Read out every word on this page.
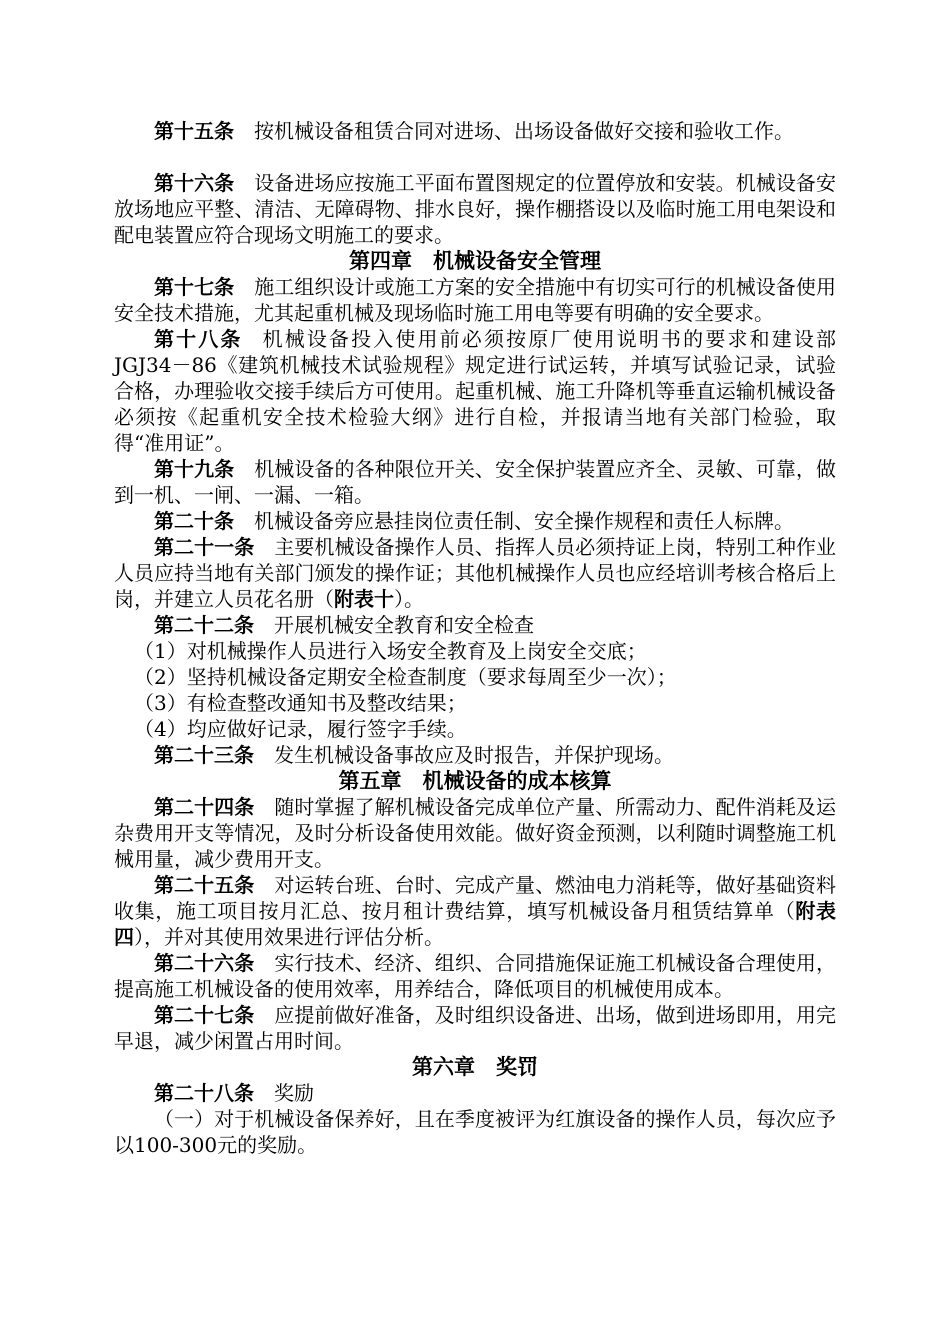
第十五条 按机械设备租赁合同对进场、出场设备做好交接和验收工作。

第十六条 设备进场应按施工平面布置图规定的位置停放和安装。机械设备安放场地应平整、清洁、无障碍物、排水良好，操作棚搭设以及临时施工用电架设和配电装置应符合现场文明施工的要求。

第四章　机械设备安全管理

第十七条 施工组织设计或施工方案的安全措施中有切实可行的机械设备使用安全技术措施，尤其起重机械及现场临时施工用电等要有明确的安全要求。

第十八条 机械设备投入使用前必须按原厂使用说明书的要求和建设部 JGJ34－86《建筑机械技术试验规程》规定进行试运转，并填写试验记录，试验合格，办理验收交接手续后方可使用。起重机械、施工升降机等垂直运输机械设备必须按《起重机安全技术检验大纲》进行自检，并报请当地有关部门检验，取得“准用证”。

第十九条 机械设备的各种限位开关、安全保护装置应齐全、灵敏、可靠，做到一机、一闸、一漏、一箱。

第二十条 机械设备旁应悬挂岗位责任制、安全操作规程和责任人标牌。

第二十一条 主要机械设备操作人员、指挥人员必须持证上岗，特别工种作业人员应持当地有关部门颁发的操作证；其他机械操作人员也应经培训考核合格后上岗，并建立人员花名册（附表十）。

第二十二条 开展机械安全教育和安全检查

（1）对机械操作人员进行入场安全教育及上岗安全交底；

（2）坚持机械设备定期安全检查制度（要求每周至少一次）；

（3）有检查整改通知书及整改结果；

（4）均应做好记录，履行签字手续。

第二十三条 发生机械设备事故应及时报告，并保护现场。

第五章　机械设备的成本核算

第二十四条 随时掌握了解机械设备完成单位产量、所需动力、配件消耗及运杂费用开支等情况，及时分析设备使用效能。做好资金预测，以利随时调整施工机械用量，减少费用开支。

第二十五条 对运转台班、台时、完成产量、燃油电力消耗等，做好基础资料收集，施工项目按月汇总、按月租计费结算，填写机械设备月租赁结算单（附表四），并对其使用效果进行评估分析。

第二十六条 实行技术、经济、组织、合同措施保证施工机械设备合理使用，提高施工机械设备的使用效率，用养结合，降低项目的机械使用成本。

第二十七条 应提前做好准备，及时组织设备进、出场，做到进场即用，用完早退，减少闲置占用时间。

第六章　奖罚

第二十八条 奖励

（一）对于机械设备保养好，且在季度被评为红旗设备的操作人员，每次应予以100-300元的奖励。
